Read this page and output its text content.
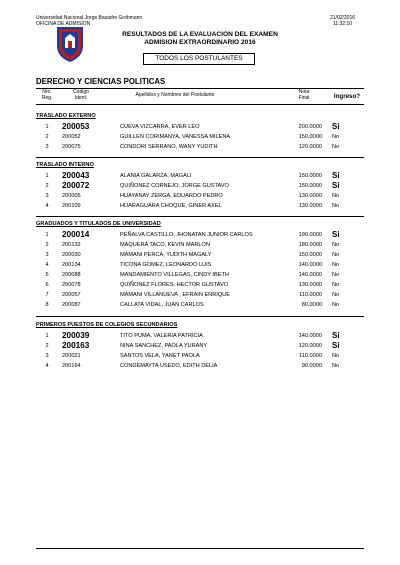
Universidad Nacional Jorge Basadre Grohmann
OFICINA DE ADMISION
21/02/2016
11:32:10
RESULTADOS DE LA EVALUACION DEL EXAMEN
ADMISION EXTRAORDINARIO 2016
TODOS LOS POSTULANTES
DERECHO Y CIENCIAS POLITICAS
Nro.
Reg.
Codigo
Ident.	Apellidos y Nombres del Postulante	Nota
Final	Ingreso?
TRASLADO EXTERNO
1	200053	CUEVA VIZCARRA, EVER LEO	200.0000 Si
2	200052	GUILLEN CORIMANYA, VANESSA MILENA	150.0000 No
3	200075	CONDORI SERRANO, WANY YUDITH	120.0000 No
TRASLADO INTERNO
1	200043	ALANIA GALARZA, MAGALI	150.0000 Si
2	200072	QUIÑONEZ CORNEJO, JORGE GUSTAVO	150.0000 Si
3	200005	HUAYANAY ZERGA, EDUARDO PEDRO	130.0000 No
4	200109	HUARAGUARA CHOQUE, GINER AXEL	130.0000 No
GRADUADOS Y TITULADOS DE UNIVERSIDAD
1	200014	PEÑALVA CASTILLO, JHONATAN JUNIOR CARLOS	190.0000 Si
2	200132	MAQUERA TACO, KEVIN MARLON	180.0000 No
3	200030	MAMANI PERCA, YUDITH MAGALY	150.0000 No
4	200134	TICONA GOMEZ, LEONARDO LUIS	140.0000 No
5	200088	MANDAMIENTO VILLEGAS, CINDY IBETH	140.0000 No
6	200078	QUIÑONEZ FLORES, HECTOR GUSTAVO	130.0000 No
7	200057	MAMANI VILLANUEVA , EFRAIN ENRIQUE	110.0000 No
8	200087	CALLATA VIDAL, JUAN CARLOS	80.0000 No
PRIMEROS PUESTOS DE COLEGIOS SECUNDARIOS
1	200039	TITO PUMA, VALERIA PATRICIA	140.0000 Si
2	200163	NINA SANCHEZ, PAOLA YURANY	120.0000 Si
3	200021	SANTOS VELA, YANET PAOLA	110.0000 No
4	200164	CONDEMAYTA USEDO, EDITH DELIA	90.0000 No
